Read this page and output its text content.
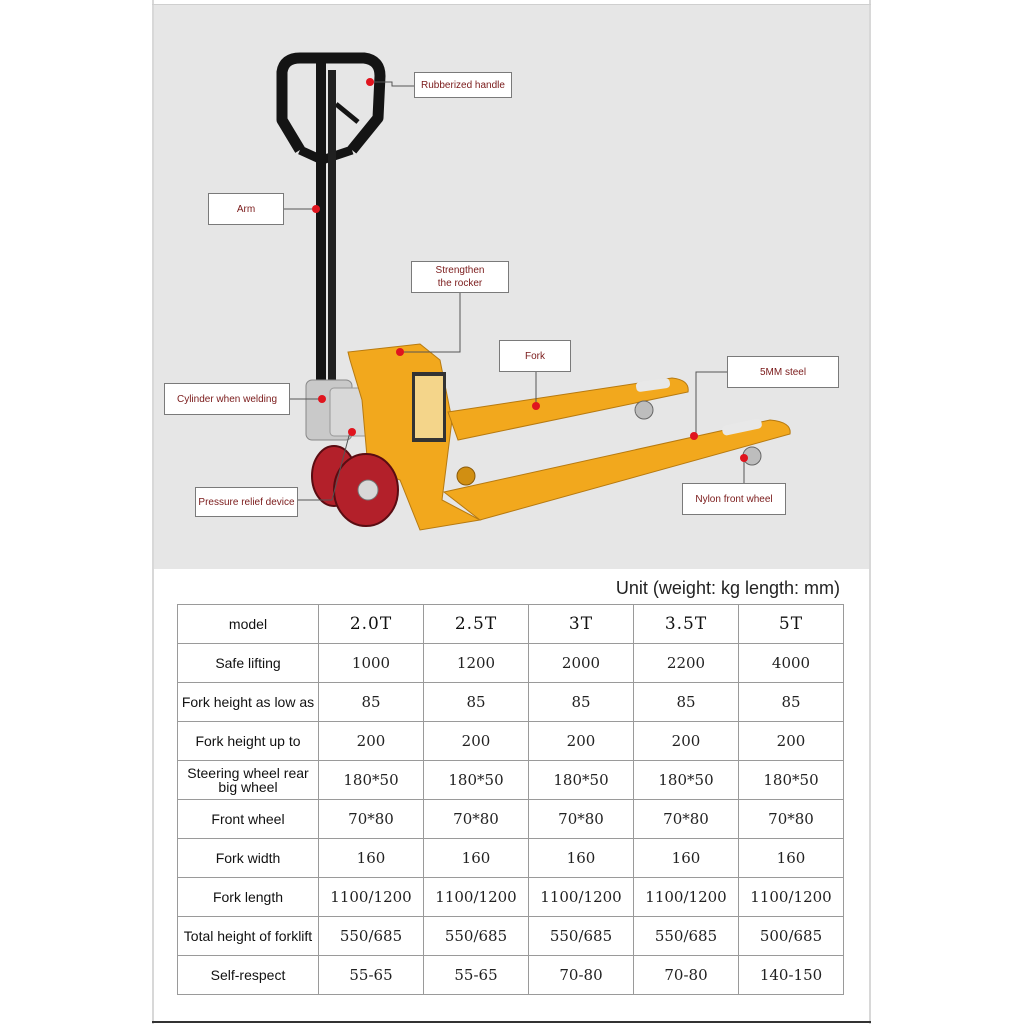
Rubberized handle
Arm
Strengthen
the rocker
Fork
5MM steel
Cylinder when welding
Pressure relief device	Nylon front wheel
Unit (weight: kg length: mm)
model	2.0T	2.5T	3T	3.5T	5T
Safe lifting	1000	1200	2000	2200	4000
Fork height as low as	85	85	85	85	85
Fork height up to	200	200	200	200	200
Steering wheel rear big wheel	180*50	180*50	180*50	180*50	180*50
Front wheel	70*80	70*80	70*80	70*80	70*80
Fork width	160	160	160	160	160
Fork length	1100/1200	1100/1200	1100/1200	1100/1200	1100/1200
Total height of forklift	550/685	550/685	550/685	550/685	500/685
Self-respect	55-65	55-65	70-80	70-80	140-150
